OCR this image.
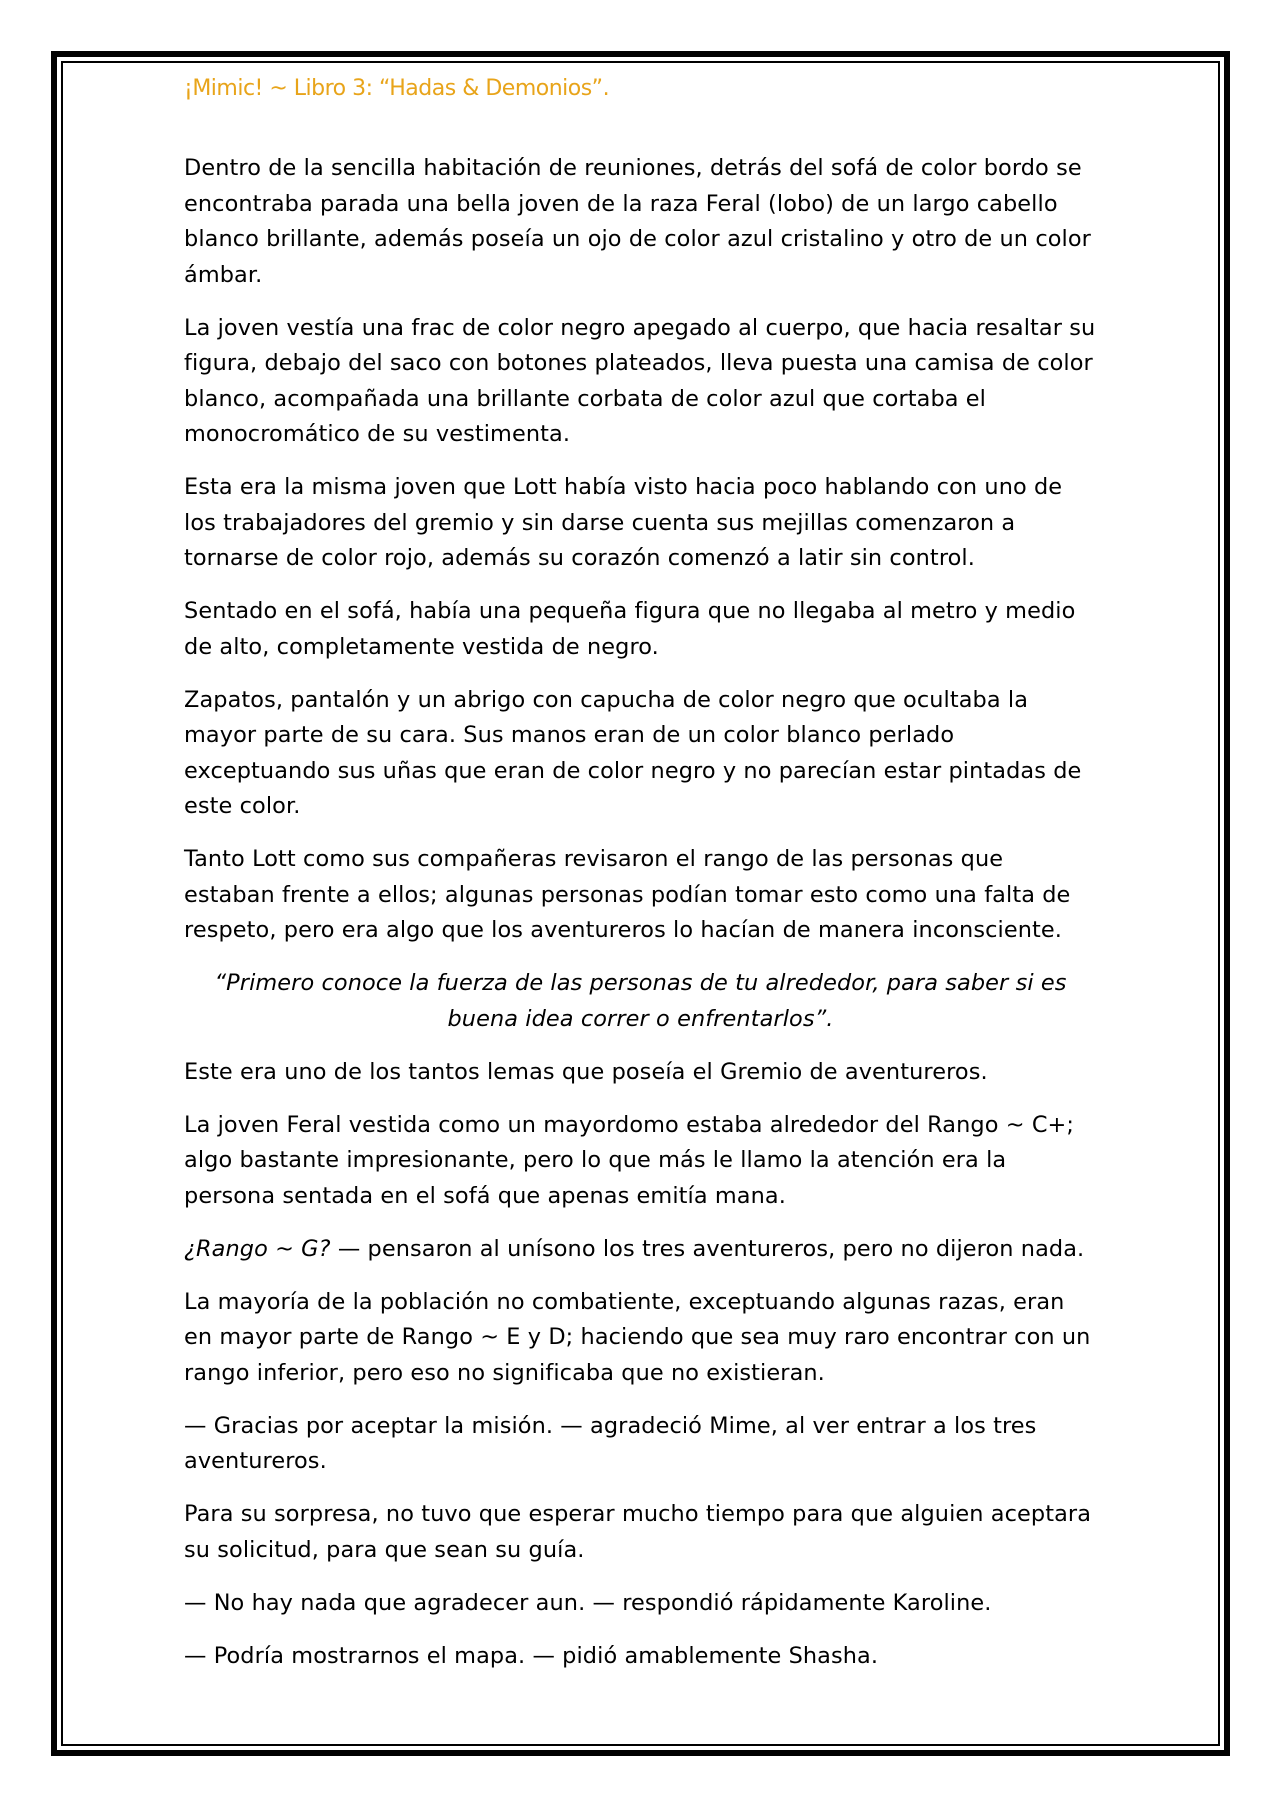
¡Mimic! ~ Libro 3: “Hadas & Demonios”.

Dentro de la sencilla habitación de reuniones, detrás del sofá de color bordo se encontraba parada una bella joven de la raza Feral (lobo) de un largo cabello blanco brillante, además poseía un ojo de color azul cristalino y otro de un color ámbar.

La joven vestía una frac de color negro apegado al cuerpo, que hacia resaltar su figura, debajo del saco con botones plateados, lleva puesta una camisa de color blanco, acompañada una brillante corbata de color azul que cortaba el monocromático de su vestimenta.

Esta era la misma joven que Lott había visto hacia poco hablando con uno de los trabajadores del gremio y sin darse cuenta sus mejillas comenzaron a tornarse de color rojo, además su corazón comenzó a latir sin control.

Sentado en el sofá, había una pequeña figura que no llegaba al metro y medio de alto, completamente vestida de negro.

Zapatos, pantalón y un abrigo con capucha de color negro que ocultaba la mayor parte de su cara. Sus manos eran de un color blanco perlado exceptuando sus uñas que eran de color negro y no parecían estar pintadas de este color.

Tanto Lott como sus compañeras revisaron el rango de las personas que estaban frente a ellos; algunas personas podían tomar esto como una falta de respeto, pero era algo que los aventureros lo hacían de manera inconsciente.

“Primero conoce la fuerza de las personas de tu alrededor, para saber si es buena idea correr o enfrentarlos”.

Este era uno de los tantos lemas que poseía el Gremio de aventureros.

La joven Feral vestida como un mayordomo estaba alrededor del Rango ~ C+; algo bastante impresionante, pero lo que más le llamo la atención era la persona sentada en el sofá que apenas emitía mana.

¿Rango ~ G? — pensaron al unísono los tres aventureros, pero no dijeron nada.

La mayoría de la población no combatiente, exceptuando algunas razas, eran en mayor parte de Rango ~ E y D; haciendo que sea muy raro encontrar con un rango inferior, pero eso no significaba que no existieran.

— Gracias por aceptar la misión. — agradeció Mime, al ver entrar a los tres aventureros.

Para su sorpresa, no tuvo que esperar mucho tiempo para que alguien aceptara su solicitud, para que sean su guía.

— No hay nada que agradecer aun. — respondió rápidamente Karoline.

— Podría mostrarnos el mapa. — pidió amablemente Shasha.
